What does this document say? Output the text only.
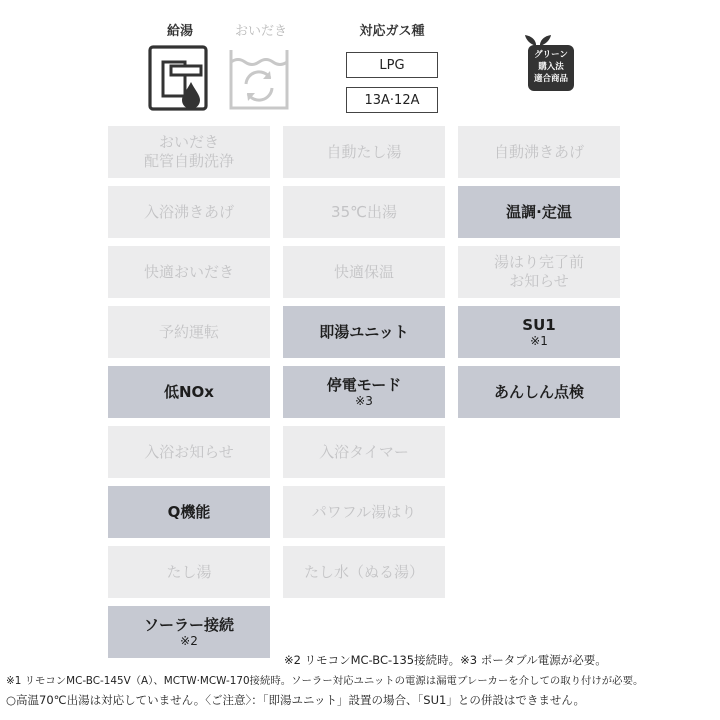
給湯	おいだき	対応ガス種
LPG
13A·12A
グリーン
購入法
適合商品
おいだき
配管自動洗浄
自動たし湯	自動沸きあげ
入浴沸きあげ	35℃出湯	温調·定温
快適おいだき	快適保温
湯はり完了前
お知らせ
予約運転	即湯ユニット	SU1
※1
低NOx	停電モード
※3
あんしん点検
入浴お知らせ	入浴タイマー
Q機能	パワフル湯はり
たし湯	たし水（ぬる湯）
ソーラー接続
※2
※2 リモコンMC-BC-135接続時。※3 ポータブル電源が必要。
※1 リモコンMC-BC-145V（A）、MCTW·MCW-170接続時。ソーラー対応ユニットの電源は漏電ブレーカーを介しての取り付けが必要。
○高温70℃出湯は対応していません。〈ご注意〉：「即湯ユニット」設置の場合、「SU1」との併設はできません。
